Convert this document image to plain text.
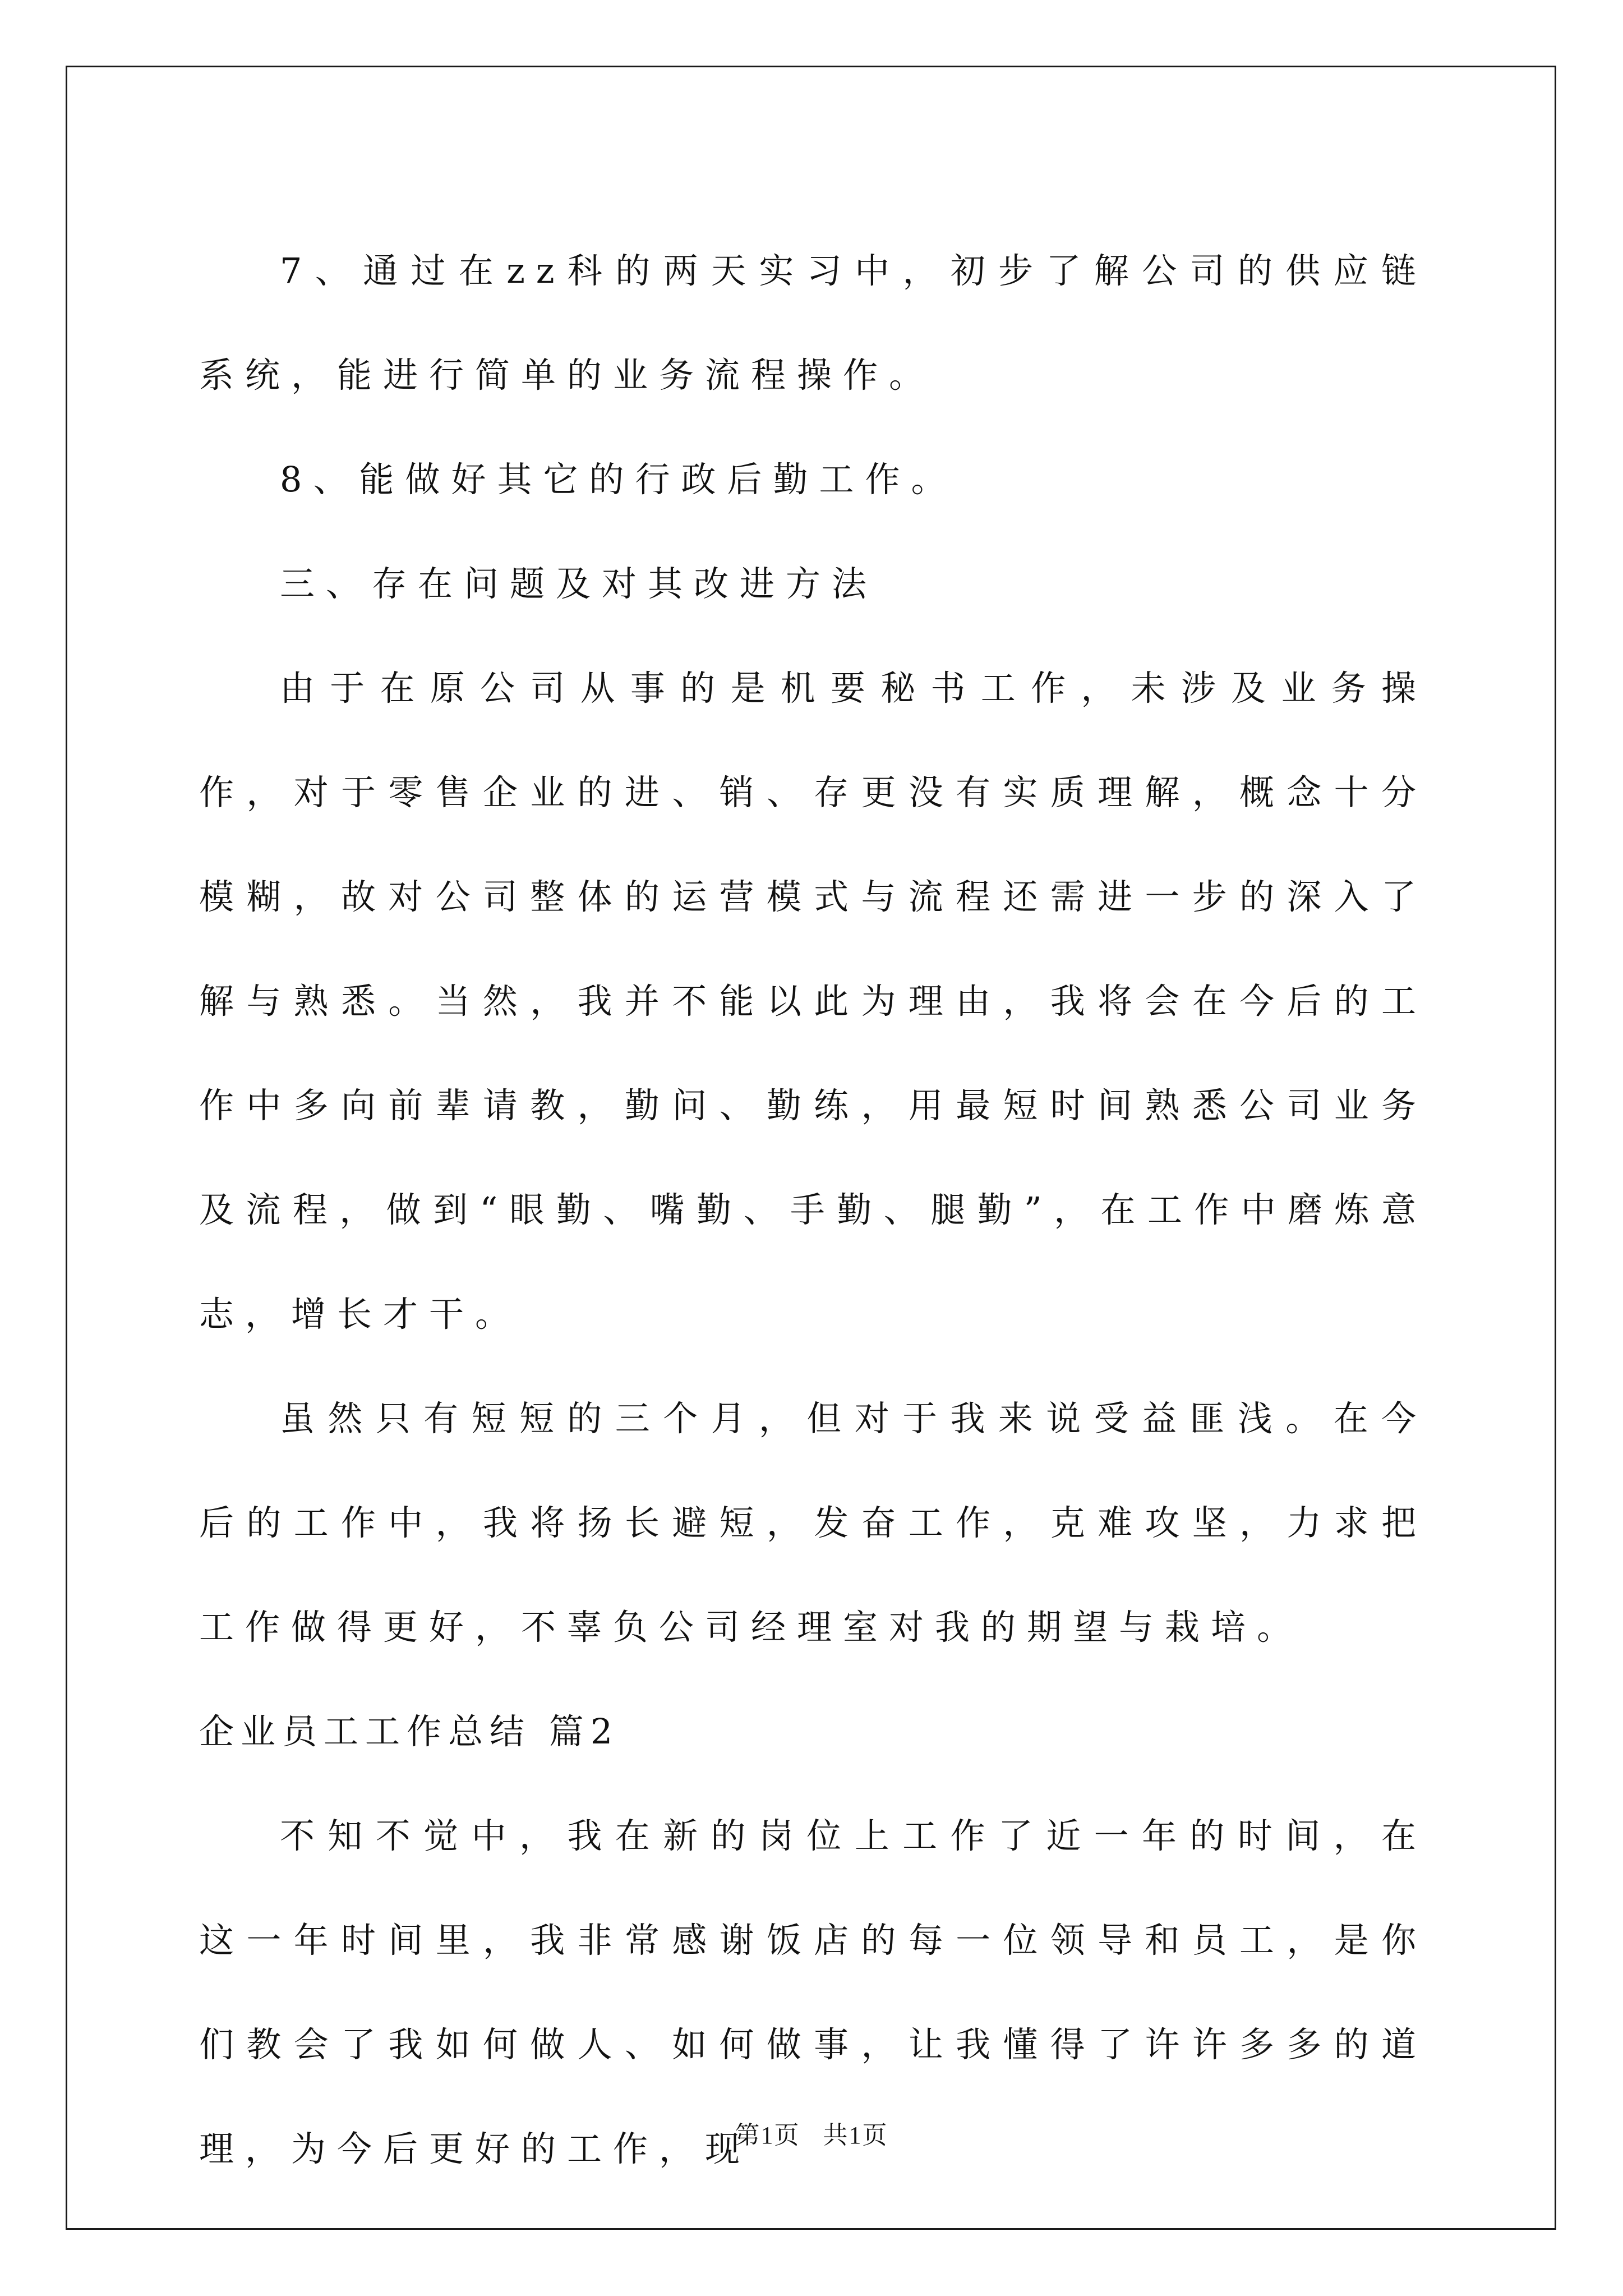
7、通过在zz科的两天实习中，初步了解公司的供应链系统，能进行简单的业务流程操作。

8、能做好其它的行政后勤工作。

三、存在问题及对其改进方法

由于在原公司从事的是机要秘书工作，未涉及业务操作，对于零售企业的进、销、存更没有实质理解，概念十分模糊，故对公司整体的运营模式与流程还需进一步的深入了解与熟悉。当然，我并不能以此为理由，我将会在今后的工作中多向前辈请教，勤问、勤练，用最短时间熟悉公司业务及流程，做到“眼勤、嘴勤、手勤、腿勤”，在工作中磨炼意志，增长才干。

虽然只有短短的三个月，但对于我来说受益匪浅。在今后的工作中，我将扬长避短，发奋工作，克难攻坚，力求把工作做得更好，不辜负公司经理室对我的期望与栽培。

企业员工工作总结 篇2

不知不觉中，我在新的岗位上工作了近一年的时间，在这一年时间里，我非常感谢饭店的每一位领导和员工，是你们教会了我如何做人、如何做事，让我懂得了许许多多的道理，为今后更好的工作，现

第1页 共1页
